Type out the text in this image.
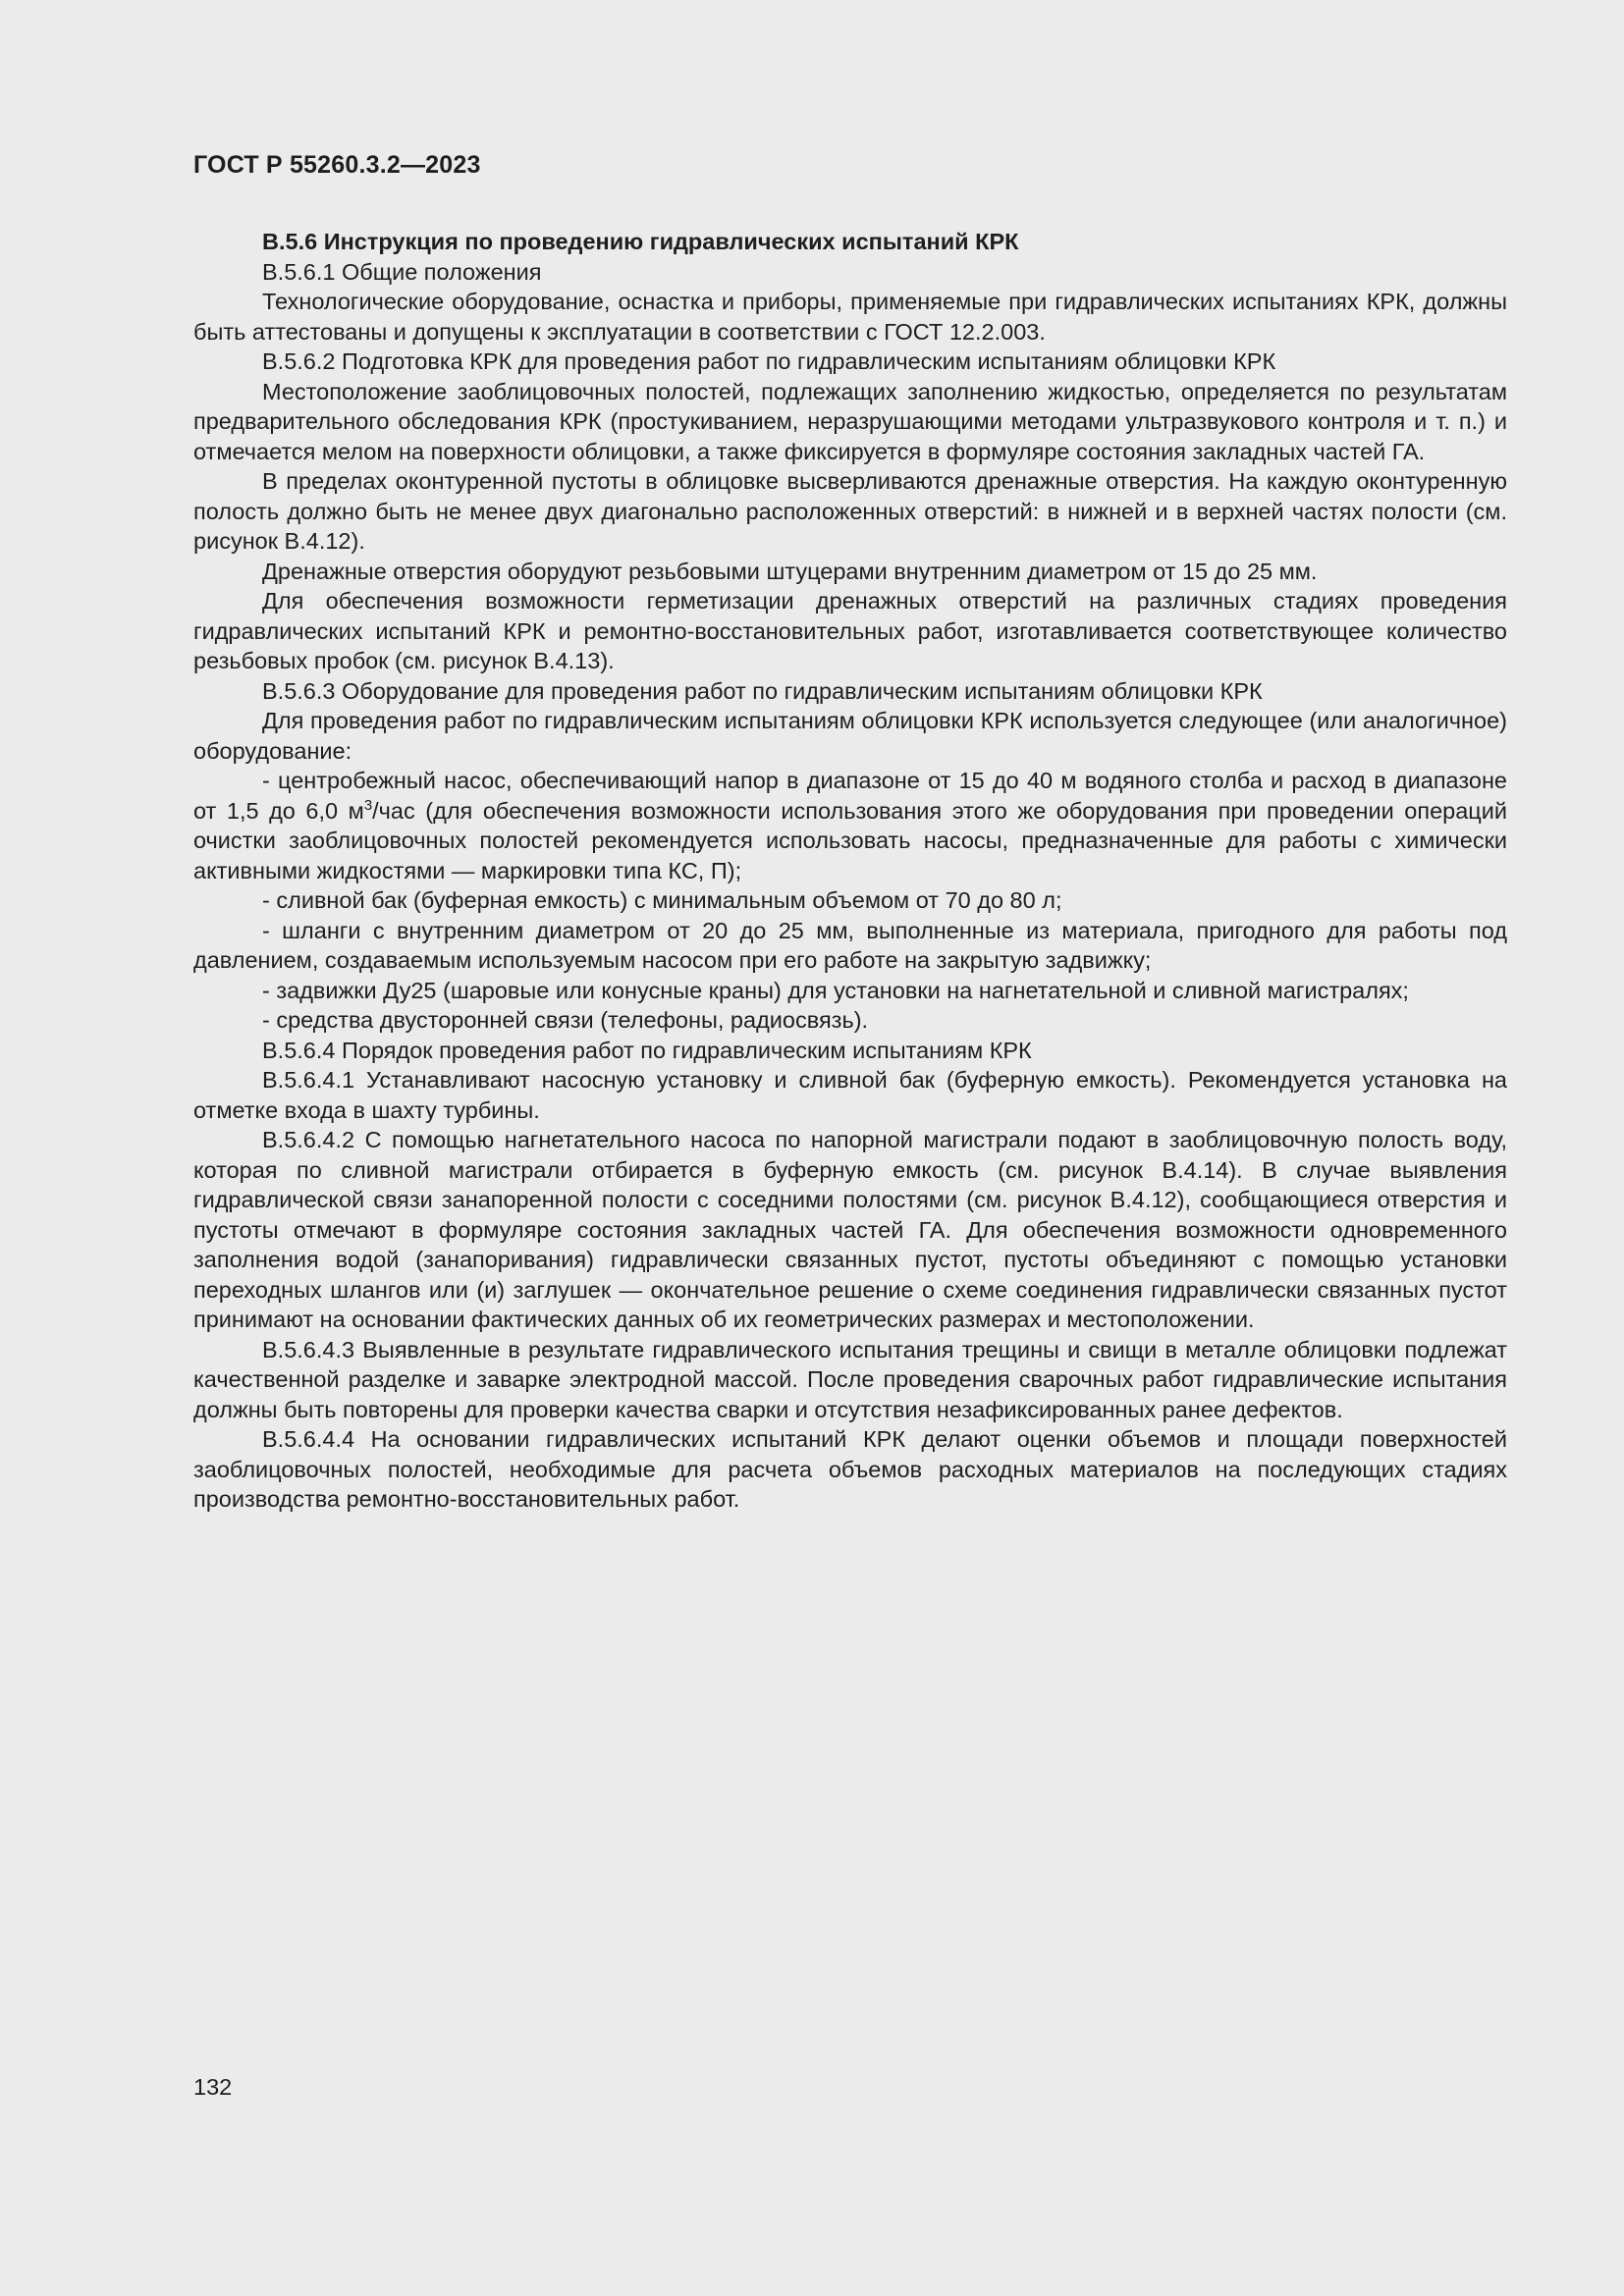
ГОСТ Р 55260.3.2—2023

В.5.6 Инструкция по проведению гидравлических испытаний КРК

В.5.6.1 Общие положения

Технологические оборудование, оснастка и приборы, применяемые при гидравлических испытаниях КРК, должны быть аттестованы и допущены к эксплуатации в соответствии с ГОСТ 12.2.003.

В.5.6.2 Подготовка КРК для проведения работ по гидравлическим испытаниям облицовки КРК

Местоположение заоблицовочных полостей, подлежащих заполнению жидкостью, определяется по результатам предварительного обследования КРК (простукиванием, неразрушающими методами ультразвукового контроля и т. п.) и отмечается мелом на поверхности облицовки, а также фиксируется в формуляре состояния закладных частей ГА.

В пределах оконтуренной пустоты в облицовке высверливаются дренажные отверстия. На каждую оконтуренную полость должно быть не менее двух диагонально расположенных отверстий: в нижней и в верхней частях полости (см. рисунок В.4.12).

Дренажные отверстия оборудуют резьбовыми штуцерами внутренним диаметром от 15 до 25 мм.

Для обеспечения возможности герметизации дренажных отверстий на различных стадиях проведения гидравлических испытаний КРК и ремонтно-восстановительных работ, изготавливается соответствующее количество резьбовых пробок (см. рисунок В.4.13).

В.5.6.3 Оборудование для проведения работ по гидравлическим испытаниям облицовки КРК

Для проведения работ по гидравлическим испытаниям облицовки КРК используется следующее (или аналогичное) оборудование:

- центробежный насос, обеспечивающий напор в диапазоне от 15 до 40 м водяного столба и расход в диапазоне от 1,5 до 6,0 $м^3$/час (для обеспечения возможности использования этого же оборудования при проведении операций очистки заоблицовочных полостей рекомендуется использовать насосы, предназначенные для работы с химически активными жидкостями — маркировки типа КС, П);

- сливной бак (буферная емкость) с минимальным объемом от 70 до 80 л;

- шланги с внутренним диаметром от 20 до 25 мм, выполненные из материала, пригодного для работы под давлением, создаваемым используемым насосом при его работе на закрытую задвижку;

- задвижки Ду25 (шаровые или конусные краны) для установки на нагнетательной и сливной магистралях;

- средства двусторонней связи (телефоны, радиосвязь).

В.5.6.4 Порядок проведения работ по гидравлическим испытаниям КРК

В.5.6.4.1 Устанавливают насосную установку и сливной бак (буферную емкость). Рекомендуется установка на отметке входа в шахту турбины.

В.5.6.4.2 С помощью нагнетательного насоса по напорной магистрали подают в заоблицовочную полость воду, которая по сливной магистрали отбирается в буферную емкость (см. рисунок В.4.14). В случае выявления гидравлической связи занапоренной полости с соседними полостями (см. рисунок В.4.12), сообщающиеся отверстия и пустоты отмечают в формуляре состояния закладных частей ГА. Для обеспечения возможности одновременного заполнения водой (занапоривания) гидравлически связанных пустот, пустоты объединяют с помощью установки переходных шлангов или (и) заглушек — окончательное решение о схеме соединения гидравлически связанных пустот принимают на основании фактических данных об их геометрических размерах и местоположении.

В.5.6.4.3 Выявленные в результате гидравлического испытания трещины и свищи в металле облицовки подлежат качественной разделке и заварке электродной массой. После проведения сварочных работ гидравлические испытания должны быть повторены для проверки качества сварки и отсутствия незафиксированных ранее дефектов.

В.5.6.4.4 На основании гидравлических испытаний КРК делают оценки объемов и площади поверхностей заоблицовочных полостей, необходимые для расчета объемов расходных материалов на последующих стадиях производства ремонтно-восстановительных работ.

132
